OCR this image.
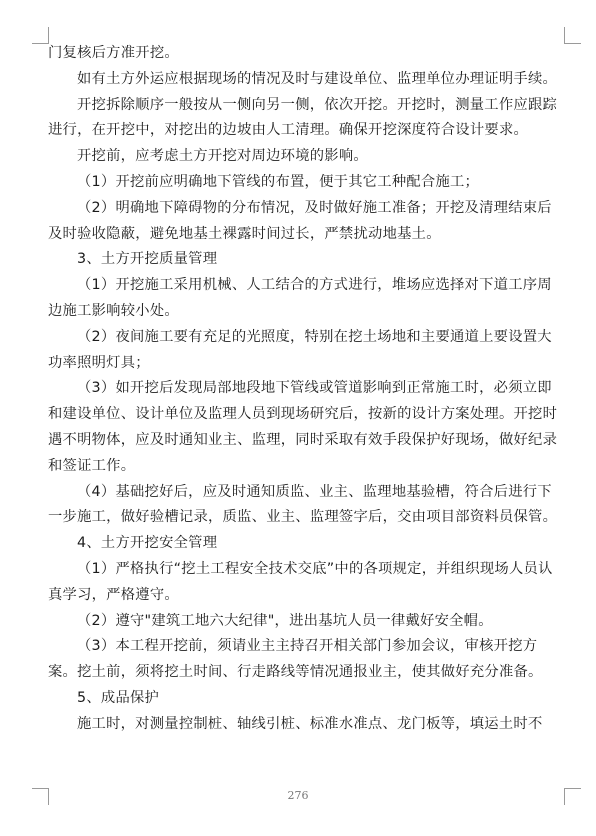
门复核后方准开挖。

如有土方外运应根据现场的情况及时与建设单位、监理单位办理证明手续。

开挖拆除顺序一般按从一侧向另一侧，依次开挖。开挖时，测量工作应跟踪进行，在开挖中，对挖出的边坡由人工清理。确保开挖深度符合设计要求。

开挖前，应考虑土方开挖对周边环境的影响。

（1）开挖前应明确地下管线的布置，便于其它工种配合施工；

（2）明确地下障碍物的分布情况，及时做好施工准备；开挖及清理结束后及时验收隐蔽，避免地基土裸露时间过长，严禁扰动地基土。

3、土方开挖质量管理

（1）开挖施工采用机械、人工结合的方式进行，堆场应选择对下道工序周边施工影响较小处。

（2）夜间施工要有充足的光照度，特别在挖土场地和主要通道上要设置大功率照明灯具；

（3）如开挖后发现局部地段地下管线或管道影响到正常施工时，必须立即和建设单位、设计单位及监理人员到现场研究后，按新的设计方案处理。开挖时遇不明物体，应及时通知业主、监理，同时采取有效手段保护好现场，做好纪录和签证工作。

（4）基础挖好后，应及时通知质监、业主、监理地基验槽，符合后进行下一步施工，做好验槽记录，质监、业主、监理签字后，交由项目部资料员保管。

4、土方开挖安全管理

（1）严格执行“挖土工程安全技术交底”中的各项规定，并组织现场人员认真学习，严格遵守。

（2）遵守"建筑工地六大纪律"，进出基坑人员一律戴好安全帽。

（3）本工程开挖前，须请业主主持召开相关部门参加会议，审核开挖方案。挖土前，须将挖土时间、行走路线等情况通报业主，使其做好充分准备。

5、成品保护

施工时，对测量控制桩、轴线引桩、标准水准点、龙门板等，填运土时不

276
